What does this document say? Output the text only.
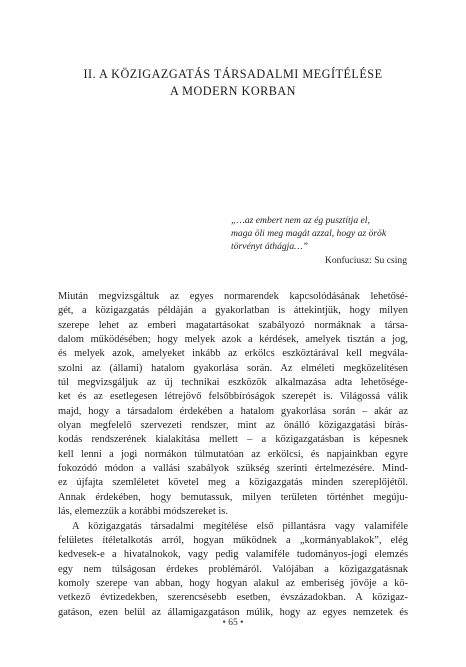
II. A KÖZIGAZGATÁS TÁRSADALMI MEGÍTÉLÉSE
A MODERN KORBAN
„…az embert nem az ég pusztítja el,
maga öli meg magát azzal, hogy az örök
törvényt áthágja…”
Konfuciusz: Su csing
Miután megvizsgáltuk az egyes normarendek kapcsolódásának lehetősé-
gét, a közigazgatás példáján a gyakorlatban is áttekintjük, hogy milyen
szerepe lehet az emberi magatartásokat szabályozó normáknak a társa-
dalom működésében; hogy melyek azok a kérdések, amelyek tisztán a jog,
és melyek azok, amelyeket inkább az erkölcs eszköztárával kell megvála-
szolni az (állami) hatalom gyakorlása során. Az elméleti megközelítésen
túl megvizsgáljuk az új technikai eszközök alkalmazása adta lehetősége-
ket és az esetlegesen létrejövő felsőbbíróságok szerepét is. Világossá válik
majd, hogy a társadalom érdekében a hatalom gyakorlása során – akár az
olyan megfelelő szervezeti rendszer, mint az önálló közigazgatási bírás-
kodás rendszerének kialakítása mellett – a közigazgatásban is képesnek
kell lenni a jogi normákon túlmutatóan az erkölcsi, és napjainkban egyre
fokozódó módon a vallási szabályok szükség szerinti értelmezésére. Mind-
ez újfajta szemléletet követel meg a közigazgatás minden szereplőjétől.
Annak érdekében, hogy bemutassuk, milyen területen történhet megúju-
lás, elemezzük a korábbi módszereket is.
A közigazgatás társadalmi megítélése első pillantásra vagy valamiféle
felületes ítéletalkotás arról, hogyan működnek a „kormányablakok”, elég
kedvesek-e a hivatalnokok, vagy pedig valamiféle tudományos-jogi elemzés
egy nem túlságosan érdekes problémáról. Valójában a közigazgatásnak
komoly szerepe van abban, hogy hogyan alakul az emberiség jövője a kö-
vetkező évtizedekben, szerencsésebb esetben, évszázadokban. A közigaz-
gatáson, ezen belül az államigazgatáson múlik, hogy az egyes nemzetek és
• 65 •
